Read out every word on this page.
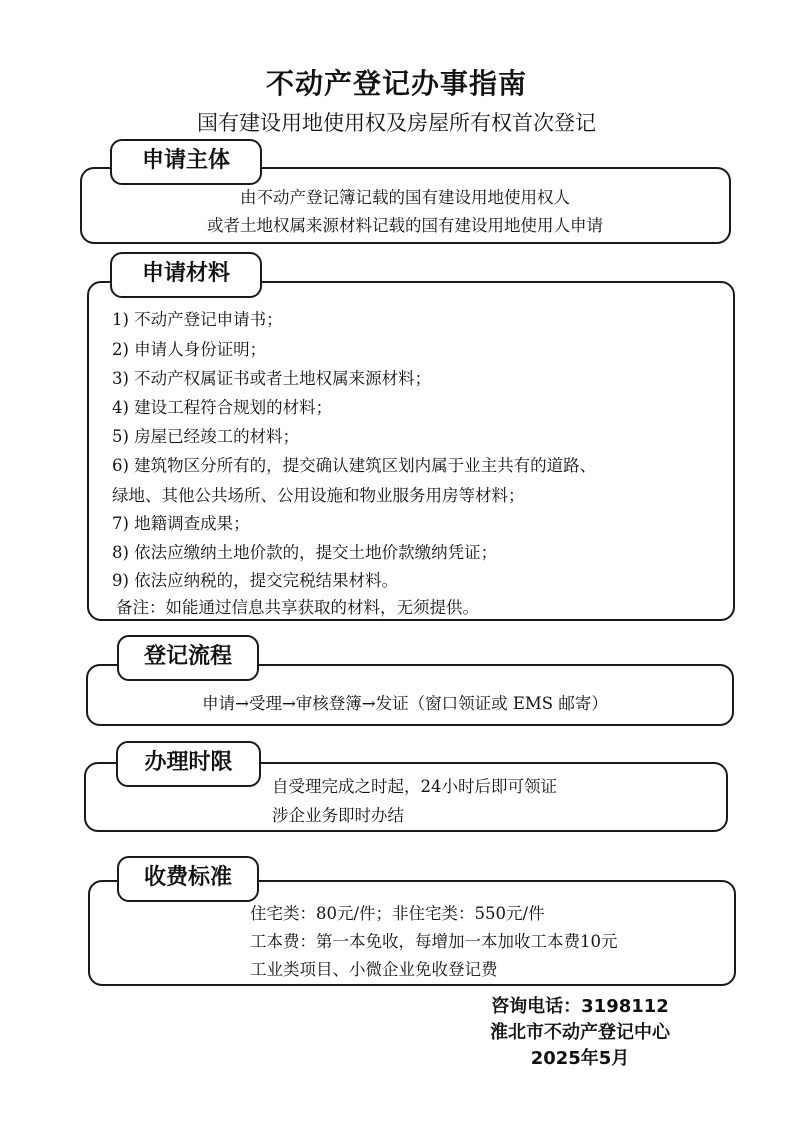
不动产登记办事指南
国有建设用地使用权及房屋所有权首次登记
申请主体
由不动产登记簿记载的国有建设用地使用权人
或者土地权属来源材料记载的国有建设用地使用人申请
申请材料
1) 不动产登记申请书；
2) 申请人身份证明；
3) 不动产权属证书或者土地权属来源材料；
4) 建设工程符合规划的材料；
5) 房屋已经竣工的材料；
6) 建筑物区分所有的，提交确认建筑区划内属于业主共有的道路、
绿地、其他公共场所、公用设施和物业服务用房等材料；
7) 地籍调查成果；
8) 依法应缴纳土地价款的，提交土地价款缴纳凭证；
9) 依法应纳税的，提交完税结果材料。
备注：如能通过信息共享获取的材料，无须提供。
登记流程
申请→受理→审核登簿→发证（窗口领证或 EMS 邮寄）
办理时限
自受理完成之时起，24小时后即可领证
涉企业务即时办结
收费标准
住宅类：80元/件；非住宅类：550元/件
工本费：第一本免收，每增加一本加收工本费10元
工业类项目、小微企业免收登记费
咨询电话：3198112
淮北市不动产登记中心
2025年5月
